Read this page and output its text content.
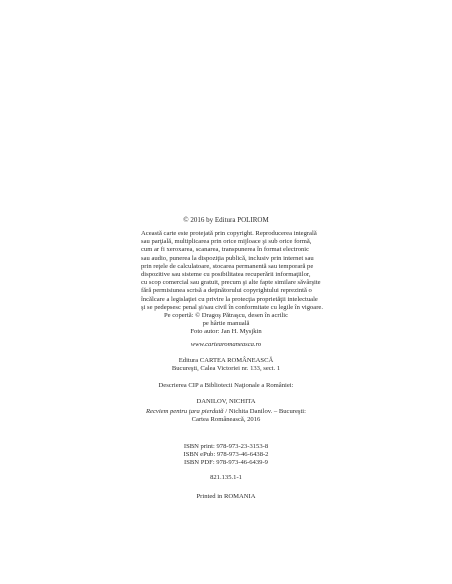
© 2016 by Editura POLIROM
Această carte este protejată prin copyright. Reproducerea integrală
sau parţială, multiplicarea prin orice mijloace şi sub orice formă,
cum ar fi xeroxarea, scanarea, transpunerea în format electronic
sau audio, punerea la dispoziţia publică, inclusiv prin internet sau
prin reţele de calculatoare, stocarea permanentă sau temporară pe
dispozitive sau sisteme cu posibilitatea recuperării informaţiilor,
cu scop comercial sau gratuit, precum şi alte fapte similare săvârşite
fără permisiunea scrisă a deţinătorului copyrightului reprezintă o
încălcare a legislaţiei cu privire la protecţia proprietăţii intelectuale
şi se pedepsesc penal şi/sau civil în conformitate cu legile în vigoare.
Pe copertă: © Dragoş Pătraşcu, desen în acrilic
pe hârtie manuală
Foto autor: Jan H. Mysjkin
www.cartearomaneasca.ro
Editura CARTEA ROMÂNEASCĂ
Bucureşti, Calea Victoriei nr. 133, sect. 1
Descrierea CIP a Bibliotecii Naţionale a României:
DANILOV, NICHITA
Recviem pentru ţara pierdută / Nichita Danilov. – Bucureşti:
Cartea Românească, 2016
ISBN print: 978-973-23-3153-8
ISBN ePub: 978-973-46-6438-2
ISBN PDF: 978-973-46-6439-9
821.135.1-1
Printed in ROMANIA
